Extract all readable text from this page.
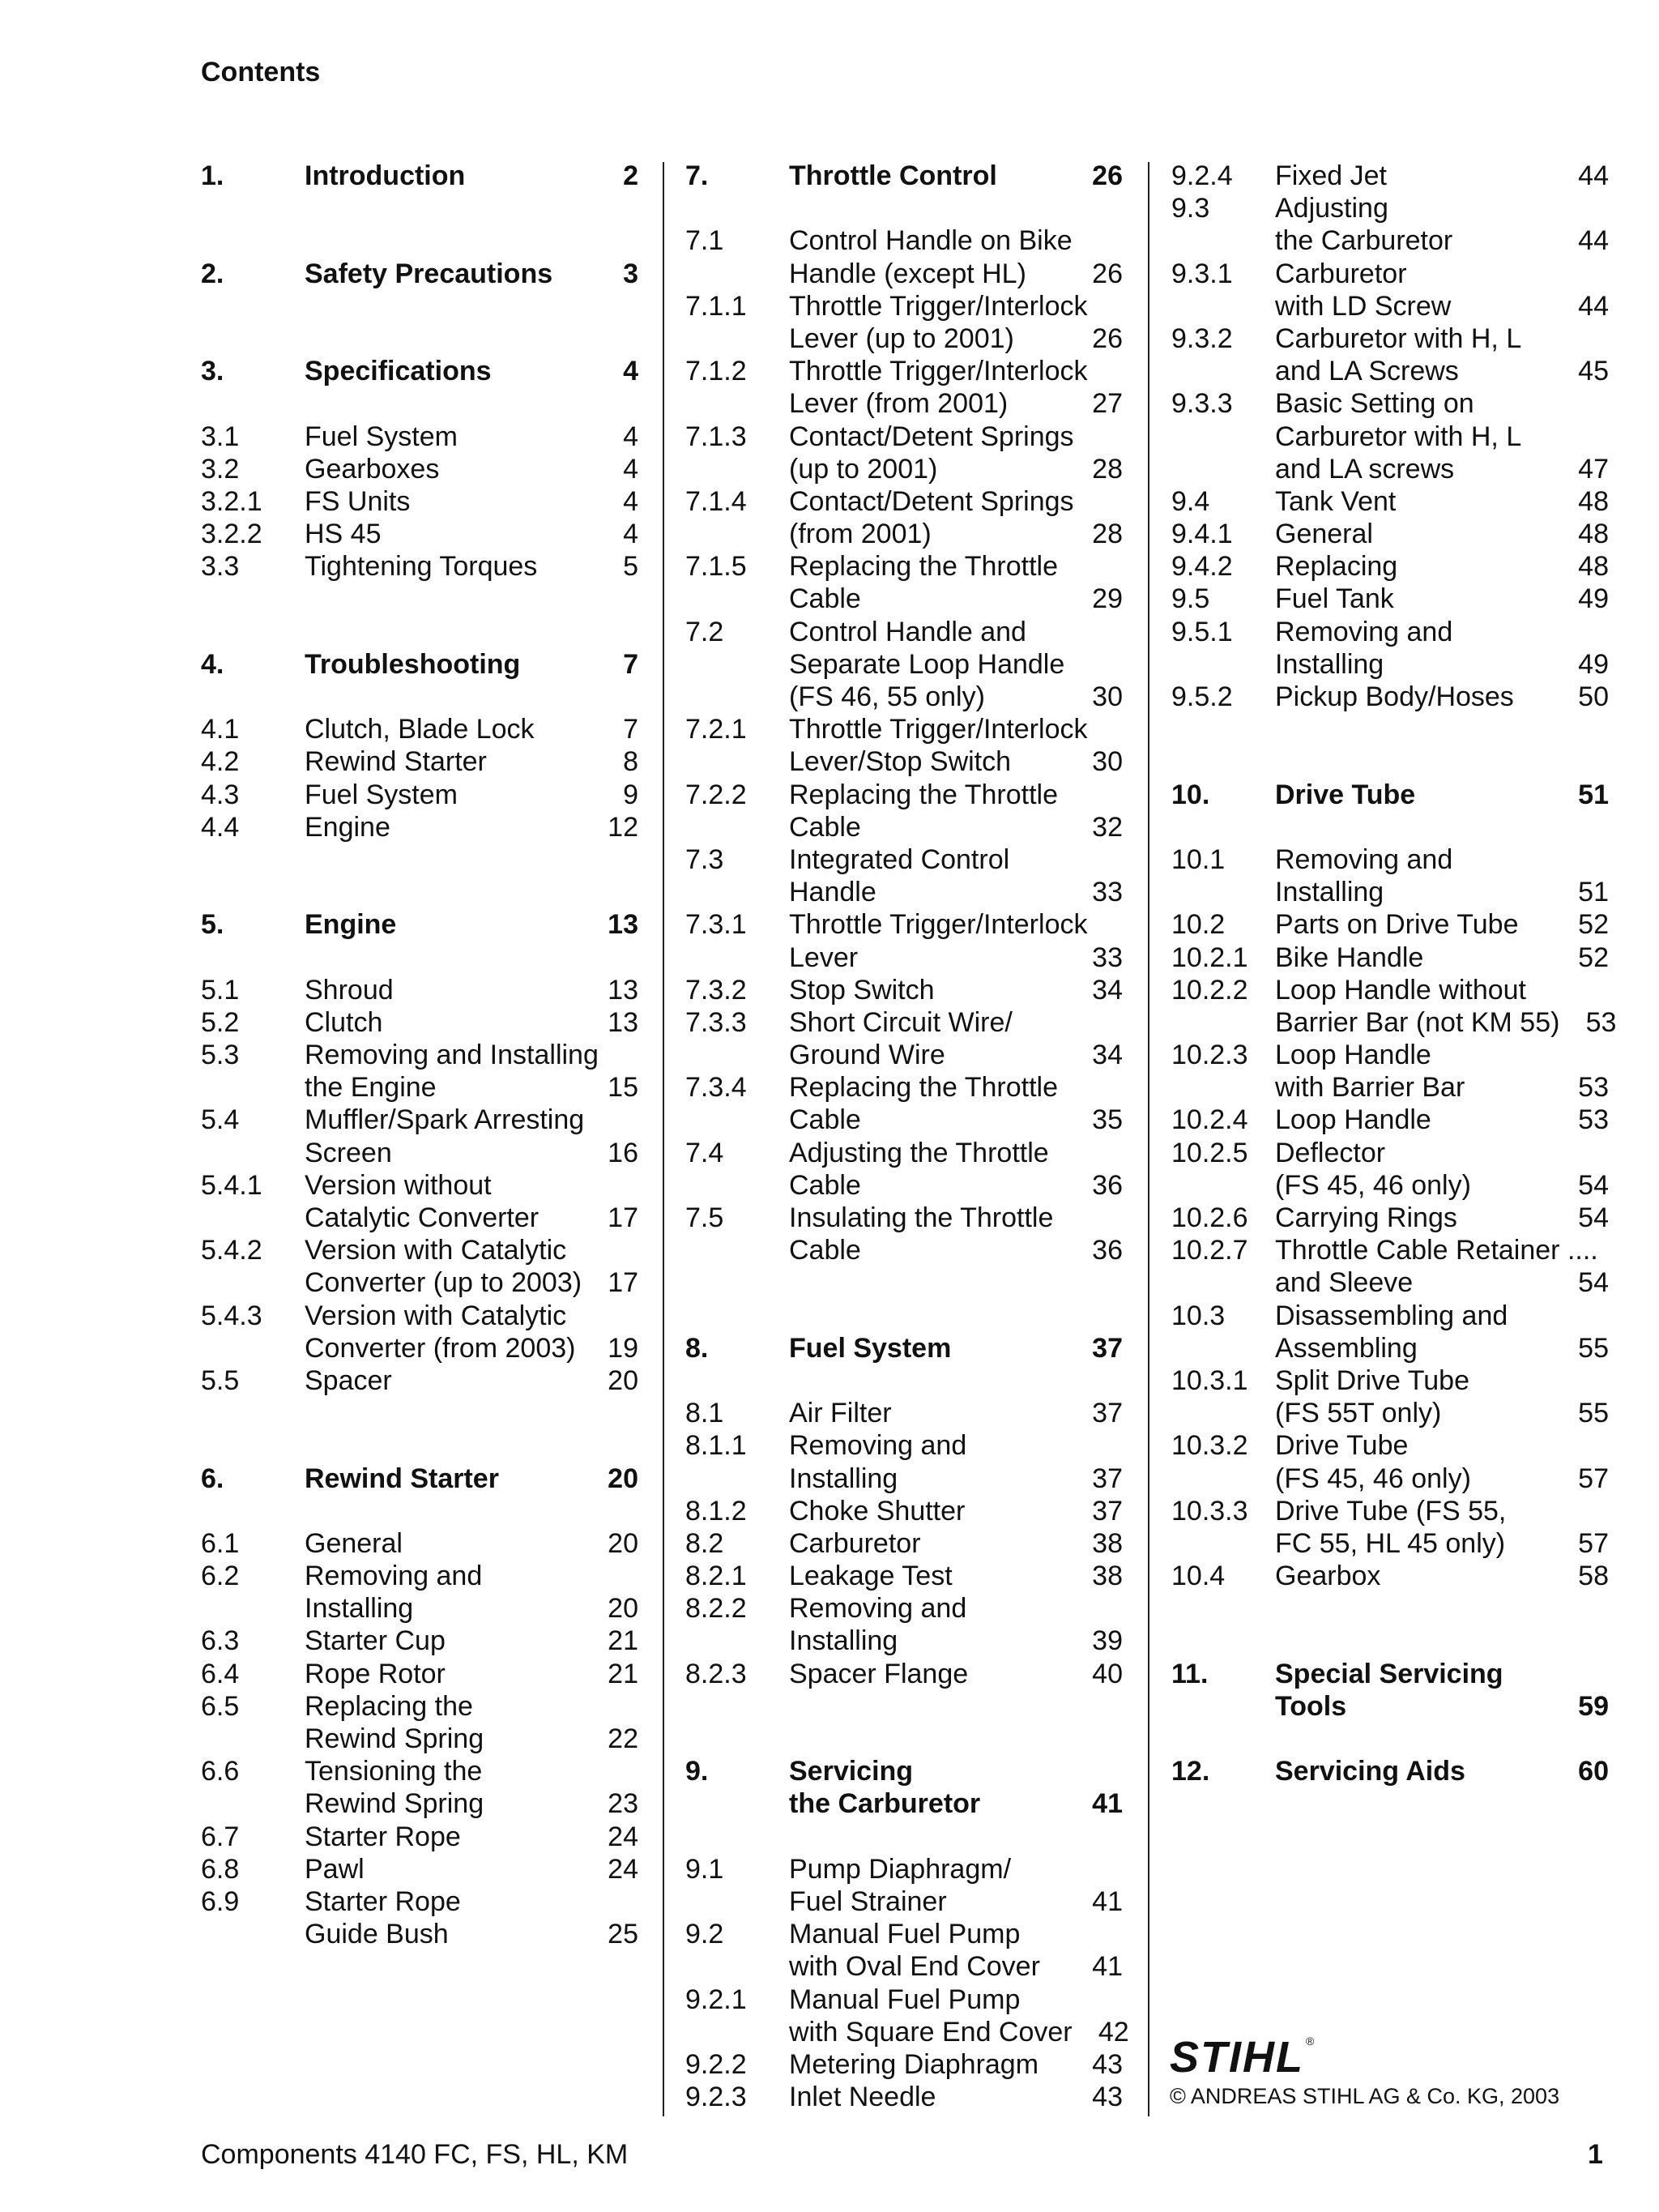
Contents
1.	Introduction	2
2.	Safety Precautions	3
3.	Specifications	4
3.1	Fuel System	4
3.2	Gearboxes	4
3.2.1	FS Units	4
3.2.2	HS 45	4
3.3	Tightening Torques	5
4.	Troubleshooting	7
4.1	Clutch, Blade Lock	7
4.2	Rewind Starter	8
4.3	Fuel System	9
4.4	Engine	12
5.	Engine	13
5.1	Shroud	13
5.2	Clutch	13
5.3	Removing and Installing
the Engine	15
5.4	Muffler/Spark Arresting
Screen	16
5.4.1	Version without
Catalytic Converter	17
5.4.2	Version with Catalytic
Converter (up to 2003) 17
5.4.3	Version with Catalytic
Converter (from 2003)	19
5.5	Spacer	20
6.	Rewind Starter	20
6.1	General	20
6.2	Removing and
Installing	20
6.3	Starter Cup	21
6.4	Rope Rotor	21
6.5	Replacing the
Rewind Spring	22
6.6	Tensioning the
Rewind Spring	23
6.7	Starter Rope	24
6.8	Pawl	24
6.9	Starter Rope
Guide Bush	25
7.	Throttle Control	26
7.1	Control Handle on Bike
Handle (except HL)	26
7.1.1	Throttle Trigger/Interlock
Lever (up to 2001)	26
7.1.2	Throttle Trigger/Interlock
Lever (from 2001)	27
7.1.3	Contact/Detent Springs
(up to 2001)	28
7.1.4	Contact/Detent Springs
(from 2001)	28
7.1.5	Replacing the Throttle
Cable	29
7.2	Control Handle and
Separate Loop Handle
(FS 46, 55 only)	30
7.2.1	Throttle Trigger/Interlock
Lever/Stop Switch	30
7.2.2	Replacing the Throttle
Cable	32
7.3	Integrated Control
Handle	33
7.3.1	Throttle Trigger/Interlock
Lever	33
7.3.2	Stop Switch	34
7.3.3	Short Circuit Wire/
Ground Wire	34
7.3.4	Replacing the Throttle
Cable	35
7.4	Adjusting the Throttle
Cable	36
7.5	Insulating the Throttle
Cable	36
8.	Fuel System	37
8.1	Air Filter	37
8.1.1	Removing and
Installing	37
8.1.2	Choke Shutter	37
8.2	Carburetor	38
8.2.1	Leakage Test	38
8.2.2	Removing and
Installing	39
8.2.3	Spacer Flange	40
9.	Servicing
the Carburetor	41
9.1	Pump Diaphragm/
Fuel Strainer	41
9.2	Manual Fuel Pump
with Oval End Cover	41
9.2.1	Manual Fuel Pump
with Square End Cover 42
9.2.2	Metering Diaphragm	43
9.2.3	Inlet Needle	43
9.2.4	Fixed Jet	44
9.3	Adjusting
the Carburetor	44
9.3.1	Carburetor
with LD Screw	44
9.3.2	Carburetor with H, L
and LA Screws	45
9.3.3	Basic Setting on
Carburetor with H, L
and LA screws	47
9.4	Tank Vent	48
9.4.1	General	48
9.4.2	Replacing	48
9.5	Fuel Tank	49
9.5.1	Removing and
Installing	49
9.5.2	Pickup Body/Hoses	50
10.	Drive Tube	51
10.1	Removing and
Installing	51
10.2	Parts on Drive Tube	52
10.2.1 Bike Handle	52
10.2.2 Loop Handle without
Barrier Bar (not KM 55) 53
10.2.3 Loop Handle
with Barrier Bar	53
10.2.4 Loop Handle	53
10.2.5 Deflector
(FS 45, 46 only)	54
10.2.6 Carrying Rings	54
10.2.7 Throttle Cable Retainer ....
and Sleeve	54
10.3	Disassembling and
Assembling	55
10.3.1 Split Drive Tube
(FS 55T only)	55
10.3.2 Drive Tube
(FS 45, 46 only)	57
10.3.3 Drive Tube (FS 55,
FC 55, HL 45 only)	57
10.4	Gearbox	58
11.	Special Servicing
Tools	59
12.	Servicing Aids	60
STIHL ®
© ANDREAS STIHL AG & Co. KG, 2003
Components 4140 FC, FS, HL, KM	1
